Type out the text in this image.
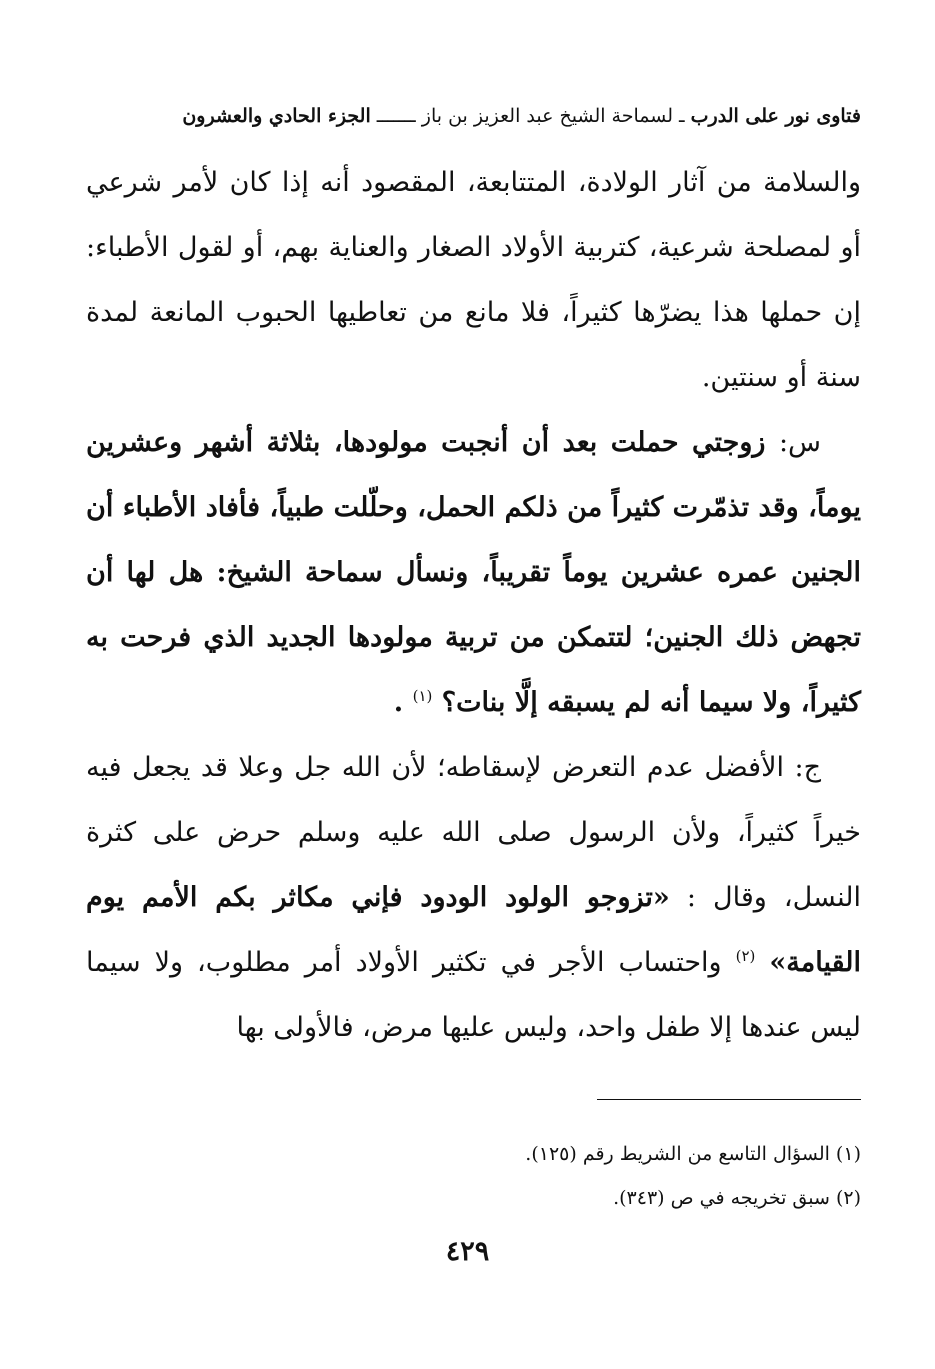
فتاوى نور على الدرب ـ لسماحة الشيخ عبد العزيز بن باز ـــــــ الجزء الحادي والعشرون

والسلامة من آثار الولادة، المتتابعة، المقصود أنه إذا كان لأمر شرعي أو لمصلحة شرعية، كتربية الأولاد الصغار والعناية بهم، أو لقول الأطباء: إن حملها هذا يضرّها كثيراً، فلا مانع من تعاطيها الحبوب المانعة لمدة سنة أو سنتين.

س: زوجتي حملت بعد أن أنجبت مولودها، بثلاثة أشهر وعشرين يوماً، وقد تذمّرت كثيراً من ذلكم الحمل، وحلّلت طبياً، فأفاد الأطباء أن الجنين عمره عشرين يوماً تقريباً، ونسأل سماحة الشيخ: هل لها أن تجهض ذلك الجنين؛ لتتمكن من تربية مولودها الجديد الذي فرحت به كثيراً، ولا سيما أنه لم يسبقه إلَّا بنات؟ $^{(١)}$ .

ج: الأفضل عدم التعرض لإسقاطه؛ لأن الله جل وعلا قد يجعل فيه خيراً كثيراً، ولأن الرسول صلى الله عليه وسلم حرض على كثرة النسل، وقال : «تزوجو الولود الودود فإني مكاثر بكم الأمم يوم القيامة» $^{(٢)}$ واحتساب الأجر في تكثير الأولاد أمر مطلوب، ولا سيما ليس عندها إلا طفل واحد، وليس عليها مرض، فالأولى بها

(١) السؤال التاسع من الشريط رقم (١٢٥).

(٢) سبق تخريجه في ص (٣٤٣).

٤٢٩
